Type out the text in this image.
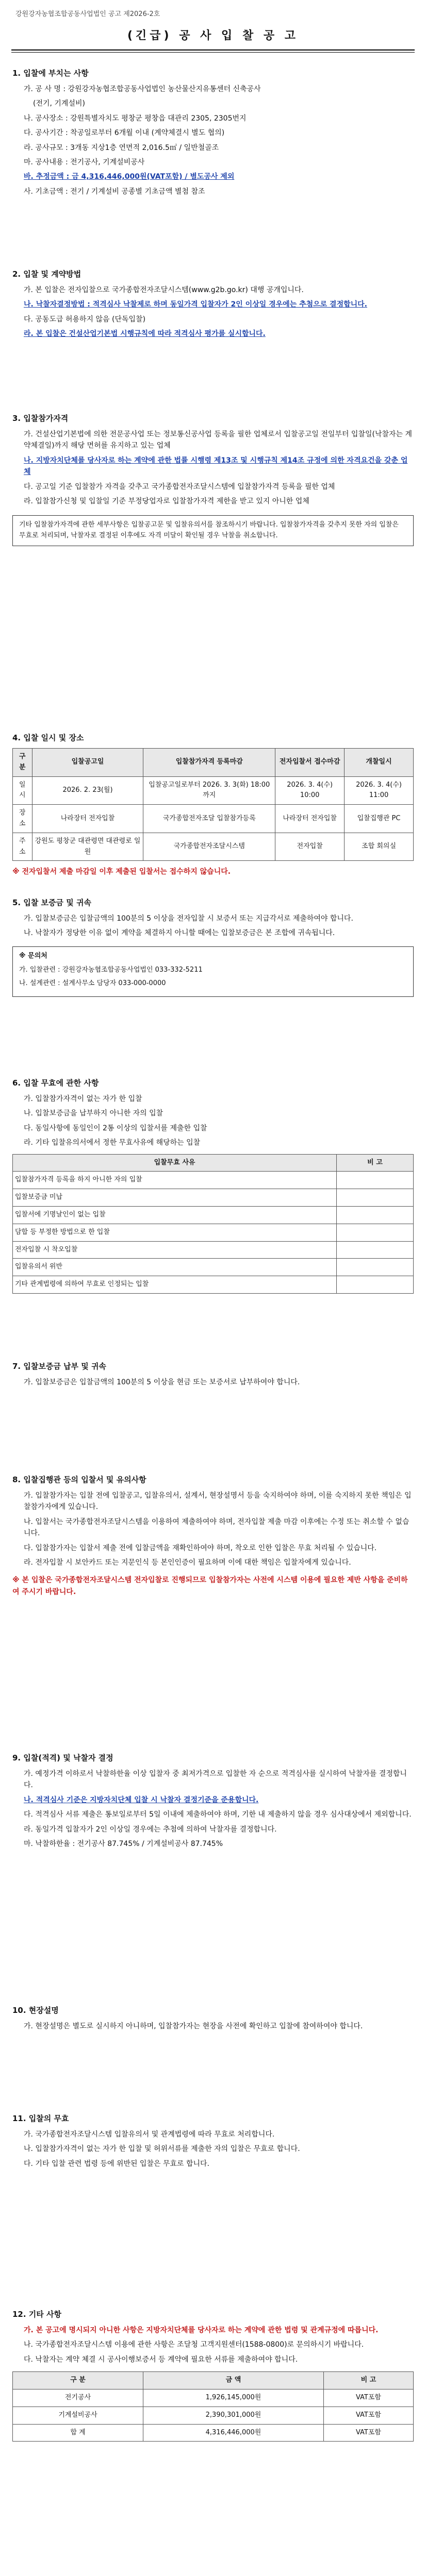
강원강자농협조합공동사업법인 공고 제2026-2호
(긴급) 공 사 입 찰 공 고
1. 입찰에 부치는 사항

가. 공 사 명 : 강원강자농협조합공동사업법인 농산물산지유통센터 신축공사

(전기, 기계설비)

나. 공사장소 : 강원특별자치도 평창군 평창읍 대관리 2305, 2305번지

다. 공사기간 : 착공일로부터 6개월 이내 (계약체결시 별도 협의)

라. 공사규모 : 3개동 지상1층 연면적 2,016.5㎡ / 일반철골조

마. 공사내용 : 전기공사, 기계설비공사

바. 추정금액 : 금 4,316,446,000원(VAT포함) / 별도공사 제외

사. 기초금액 : 전기 / 기계설비 공종별 기초금액 별첨 참조

2. 입찰 및 계약방법

가. 본 입찰은 전자입찰으로 국가종합전자조달시스템(www.g2b.go.kr) 대행 공개입니다.

나. 낙찰자결정방법 : 적격심사 낙찰제로 하며 동일가격 입찰자가 2인 이상일 경우에는 추첨으로 결정합니다.

다. 공동도급 허용하지 않음 (단독입찰)

라. 본 입찰은 건설산업기본법 시행규칙에 따라 적격심사 평가를 실시합니다.

3. 입찰참가자격

가. 건설산업기본법에 의한 전문공사업 또는 정보통신공사업 등록을 필한 업체로서 입찰공고일 전일부터 입찰일(낙찰자는 계약체결일)까지 해당 면허를 유지하고 있는 업체

나. 지방자치단체를 당사자로 하는 계약에 관한 법률 시행령 제13조 및 시행규칙 제14조 규정에 의한 자격요건을 갖춘 업체

다. 공고일 기준 입찰참가 자격을 갖추고 국가종합전자조달시스템에 입찰참가자격 등록을 필한 업체

라. 입찰참가신청 및 입찰일 기준 부정당업자로 입찰참가자격 제한을 받고 있지 아니한 업체

기타 입찰참가자격에 관한 세부사항은 입찰공고문 및 입찰유의서를 참조하시기 바랍니다. 입찰참가자격을 갖추지 못한 자의 입찰은 무효로 처리되며, 낙찰자로 결정된 이후에도 자격 미달이 확인될 경우 낙찰을 취소합니다.
4. 입찰 일시 및 장소
구 분	입찰공고일	입찰참가자격 등록마감	전자입찰서 접수마감	개찰일시
일 시	2026. 2. 23(월)	입찰공고일로부터 2026. 3. 3(화) 18:00까지	2026. 3. 4(수) 10:00	2026. 3. 4(수) 11:00
장 소	나라장터 전자입찰	국가종합전자조달 입찰참가등록	나라장터 전자입찰	입찰집행관 PC
주 소	강원도 평창군 대관령면 대관령로 일원	국가종합전자조달시스템	전자입찰	조합 회의실

※ 전자입찰서 제출 마감일 이후 제출된 입찰서는 접수하지 않습니다.

5. 입찰 보증금 및 귀속

가. 입찰보증금은 입찰금액의 100분의 5 이상을 전자입찰 시 보증서 또는 지급각서로 제출하여야 합니다.

나. 낙찰자가 정당한 이유 없이 계약을 체결하지 아니할 때에는 입찰보증금은 본 조합에 귀속됩니다.

※ 문의처

가. 입찰관련 : 강원강자농협조합공동사업법인 033-332-5211

나. 설계관련 : 설계사무소 담당자 033-000-0000

6. 입찰 무효에 관한 사항

가. 입찰참가자격이 없는 자가 한 입찰

나. 입찰보증금을 납부하지 아니한 자의 입찰

다. 동일사항에 동일인이 2통 이상의 입찰서를 제출한 입찰

라. 기타 입찰유의서에서 정한 무효사유에 해당하는 입찰

입찰무효 사유	비 고
입찰참가자격 등록을 하지 아니한 자의 입찰	
입찰보증금 미납	
입찰서에 기명날인이 없는 입찰	
담합 등 부정한 방법으로 한 입찰	
전자입찰 시 착오입찰	
입찰유의서 위반	
기타 관계법령에 의하여 무효로 인정되는 입찰	
7. 입찰보증금 납부 및 귀속

가. 입찰보증금은 입찰금액의 100분의 5 이상을 현금 또는 보증서로 납부하여야 합니다.

8. 입찰집행관 등의 입찰서 및 유의사항

가. 입찰참가자는 입찰 전에 입찰공고, 입찰유의서, 설계서, 현장설명서 등을 숙지하여야 하며, 이를 숙지하지 못한 책임은 입찰참가자에게 있습니다.

나. 입찰서는 국가종합전자조달시스템을 이용하여 제출하여야 하며, 전자입찰 제출 마감 이후에는 수정 또는 취소할 수 없습니다.

다. 입찰참가자는 입찰서 제출 전에 입찰금액을 재확인하여야 하며, 착오로 인한 입찰은 무효 처리될 수 있습니다.

라. 전자입찰 시 보안카드 또는 지문인식 등 본인인증이 필요하며 이에 대한 책임은 입찰자에게 있습니다.

※ 본 입찰은 국가종합전자조달시스템 전자입찰로 진행되므로 입찰참가자는 사전에 시스템 이용에 필요한 제반 사항을 준비하여 주시기 바랍니다.

9. 입찰(적격) 및 낙찰자 결정

가. 예정가격 이하로서 낙찰하한율 이상 입찰자 중 최저가격으로 입찰한 자 순으로 적격심사를 실시하여 낙찰자를 결정합니다.

나. 적격심사 기준은 지방자치단체 입찰 시 낙찰자 결정기준을 준용합니다.

다. 적격심사 서류 제출은 통보일로부터 5일 이내에 제출하여야 하며, 기한 내 제출하지 않을 경우 심사대상에서 제외합니다.

라. 동일가격 입찰자가 2인 이상일 경우에는 추첨에 의하여 낙찰자를 결정합니다.

마. 낙찰하한율 : 전기공사 87.745% / 기계설비공사 87.745%

10. 현장설명

가. 현장설명은 별도로 실시하지 아니하며, 입찰참가자는 현장을 사전에 확인하고 입찰에 참여하여야 합니다.

11. 입찰의 무효

가. 국가종합전자조달시스템 입찰유의서 및 관계법령에 따라 무효로 처리합니다.

나. 입찰참가자격이 없는 자가 한 입찰 및 허위서류를 제출한 자의 입찰은 무효로 합니다.

다. 기타 입찰 관련 법령 등에 위반된 입찰은 무효로 합니다.

12. 기타 사항

가. 본 공고에 명시되지 아니한 사항은 지방자치단체를 당사자로 하는 계약에 관한 법령 및 관계규정에 따릅니다.

나. 국가종합전자조달시스템 이용에 관한 사항은 조달청 고객지원센터(1588-0800)로 문의하시기 바랍니다.

다. 낙찰자는 계약 체결 시 공사이행보증서 등 계약에 필요한 서류를 제출하여야 합니다.

구 분	금 액	비 고
전기공사	1,926,145,000원	VAT포함
기계설비공사	2,390,301,000원	VAT포함
합 계	4,316,446,000원	VAT포함
